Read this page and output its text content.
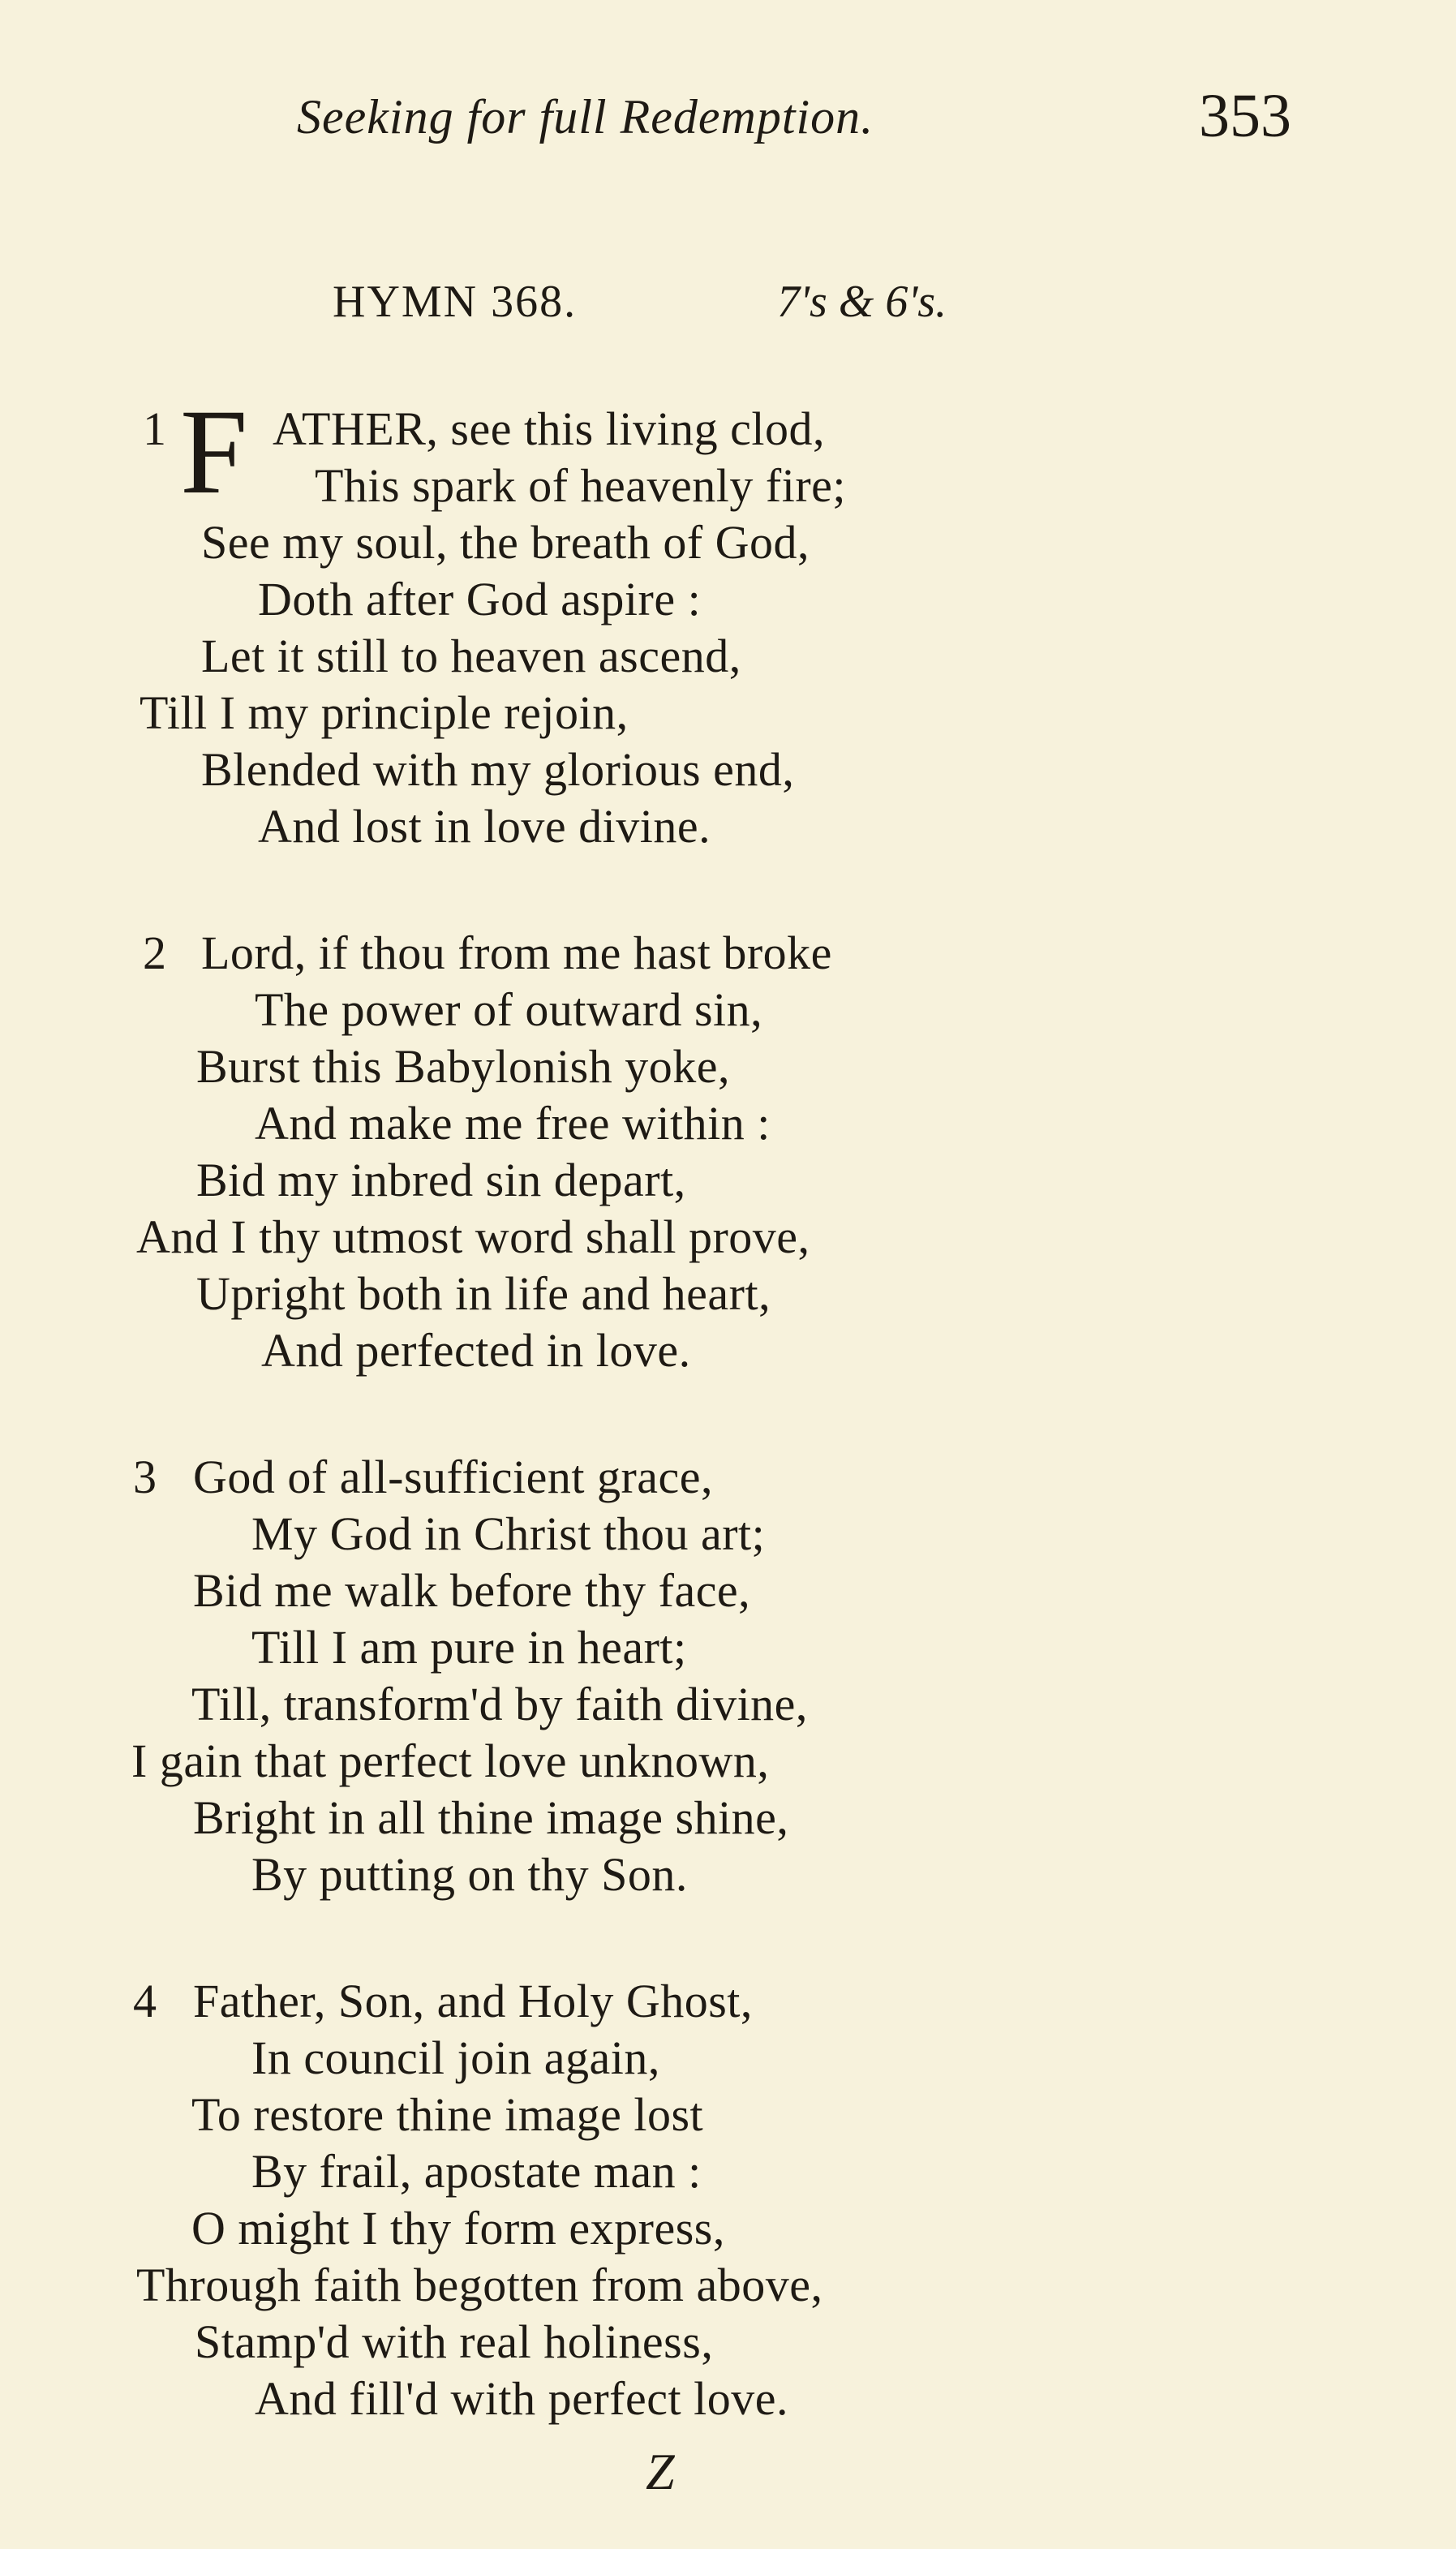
Seeking for full Redemption.	353
HYMN 368.	7's & 6's.
1 F ATHER, see this living clod,
This spark of heavenly fire;
See my soul, the breath of God,
Doth after God aspire :
Let it still to heaven ascend,
Till I my principle rejoin,
Blended with my glorious end,
And lost in love divine.
2 Lord, if thou from me hast broke
The power of outward sin,
Burst this Babylonish yoke,
And make me free within :
Bid my inbred sin depart,
And I thy utmost word shall prove,
Upright both in life and heart,
And perfected in love.
3 God of all-sufficient grace,
My God in Christ thou art;
Bid me walk before thy face,
Till I am pure in heart;
Till, transform'd by faith divine,
I gain that perfect love unknown,
Bright in all thine image shine,
By putting on thy Son.
4 Father, Son, and Holy Ghost,
In council join again,
To restore thine image lost
By frail, apostate man :
O might I thy form express,
Through faith begotten from above,
Stamp'd with real holiness,
And fill'd with perfect love.
Z
